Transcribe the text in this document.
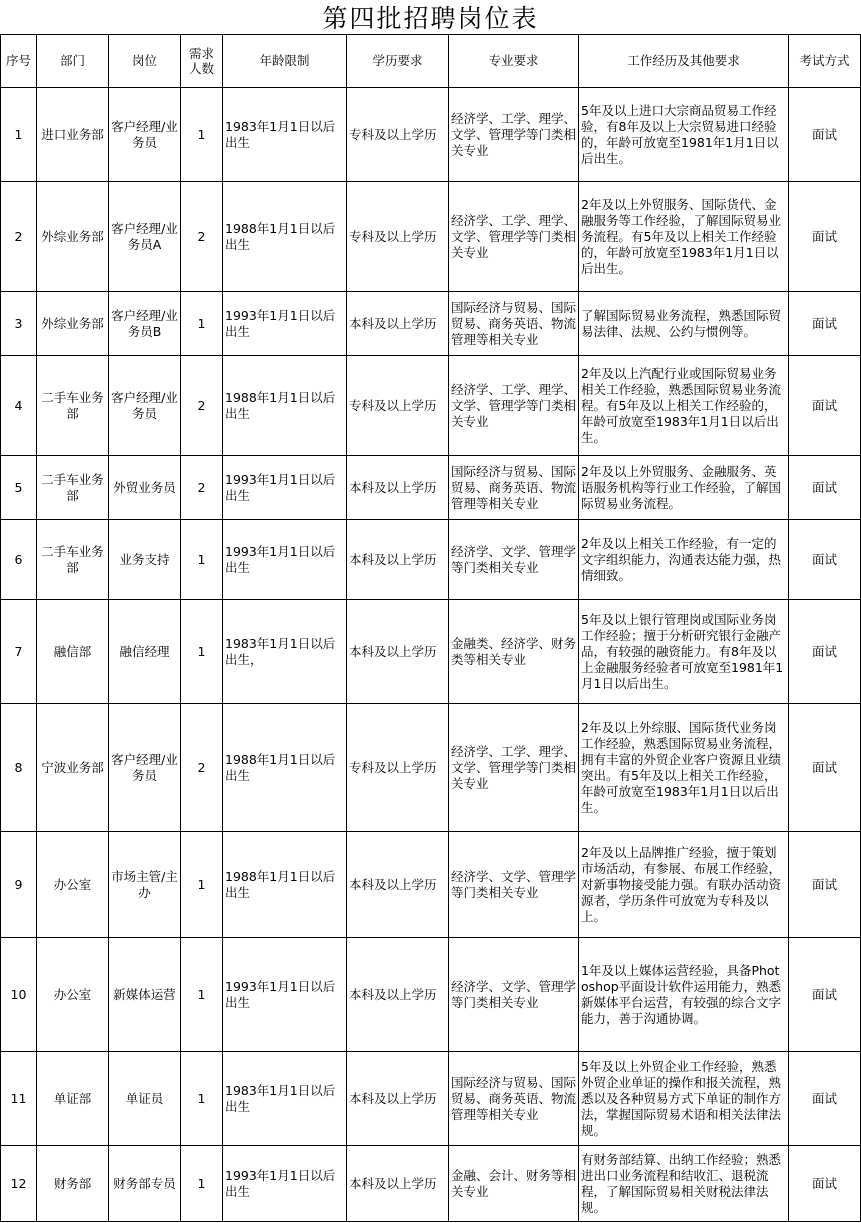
第四批招聘岗位表
序号	部门	岗位	需求人数	年龄限制	学历要求	专业要求	工作经历及其他要求	考试方式
1	进口业务部	客户经理/业务员	1	1983年1月1日以后出生	专科及以上学历	经济学、工学、理学、文学、管理学等门类相关专业	5年及以上进口大宗商品贸易工作经验，有8年及以上大宗贸易进口经验的，年龄可放宽至1981年1月1日以后出生。	面试
2	外综业务部	客户经理/业务员A	2	1988年1月1日以后出生	专科及以上学历	经济学、工学、理学、文学、管理学等门类相关专业	2年及以上外贸服务、国际货代、金融服务等工作经验，了解国际贸易业务流程。有5年及以上相关工作经验的，年龄可放宽至1983年1月1日以后出生。	面试
3	外综业务部	客户经理/业务员B	1	1993年1月1日以后出生	本科及以上学历	国际经济与贸易、国际贸易、商务英语、物流管理等相关专业	了解国际贸易业务流程，熟悉国际贸易法律、法规、公约与惯例等。	面试
4	二手车业务部	客户经理/业务员	2	1988年1月1日以后出生	专科及以上学历	经济学、工学、理学、文学、管理学等门类相关专业	2年及以上汽配行业或国际贸易业务相关工作经验，熟悉国际贸易业务流程。有5年及以上相关工作经验的，年龄可放宽至1983年1月1日以后出生。	面试
5	二手车业务部	外贸业务员	2	1993年1月1日以后出生	本科及以上学历	国际经济与贸易、国际贸易、商务英语、物流管理等相关专业	2年及以上外贸服务、金融服务、英语服务机构等行业工作经验，了解国际贸易业务流程。	面试
6	二手车业务部	业务支持	1	1993年1月1日以后出生	本科及以上学历	经济学、文学、管理学等门类相关专业	2年及以上相关工作经验，有一定的文字组织能力，沟通表达能力强，热情细致。	面试
7	融信部	融信经理	1	1983年1月1日以后出生，	本科及以上学历	金融类、经济学、财务类等相关专业	5年及以上银行管理岗或国际业务岗工作经验；擅于分析研究银行金融产品，有较强的融资能力。有8年及以上金融服务经验者可放宽至1981年1月1日以后出生。	面试
8	宁波业务部	客户经理/业务员	2	1988年1月1日以后出生	专科及以上学历	经济学、工学、理学、文学、管理学等门类相关专业	2年及以上外综服、国际货代业务岗工作经验，熟悉国际贸易业务流程，拥有丰富的外贸企业客户资源且业绩突出。有5年及以上相关工作经验，年龄可放宽至1983年1月1日以后出生。	面试
9	办公室	市场主管/主办	1	1988年1月1日以后出生	本科及以上学历	经济学、文学、管理学等门类相关专业	2年及以上品牌推广经验，擅于策划市场活动，有参展、布展工作经验，对新事物接受能力强。有联办活动资源者，学历条件可放宽为专科及以上。	面试
10	办公室	新媒体运营	1	1993年1月1日以后出生	本科及以上学历	经济学、文学、管理学等门类相关专业	1年及以上媒体运营经验，具备Photoshop平面设计软件运用能力，熟悉新媒体平台运营，有较强的综合文字能力，善于沟通协调。	面试
11	单证部	单证员	1	1983年1月1日以后出生	本科及以上学历	国际经济与贸易、国际贸易、商务英语、物流管理等相关专业	5年及以上外贸企业工作经验，熟悉外贸企业单证的操作和报关流程，熟悉以及各种贸易方式下单证的制作方法，掌握国际贸易术语和相关法律法规。	面试
12	财务部	财务部专员	1	1993年1月1日以后出生	本科及以上学历	金融、会计、财务等相关专业	有财务部结算、出纳工作经验；熟悉进出口业务流程和结收汇、退税流程，了解国际贸易相关财税法律法规。	面试
